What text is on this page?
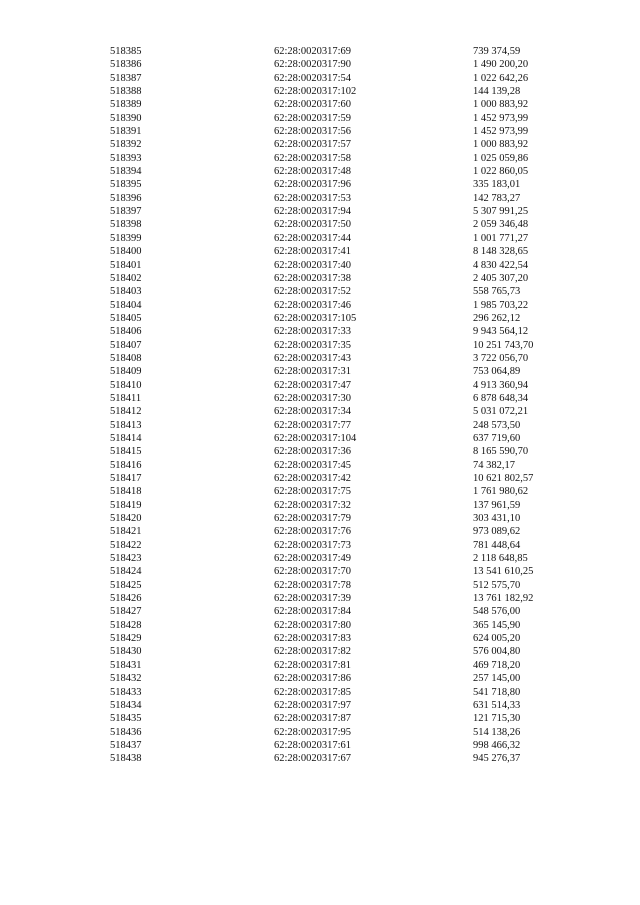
518385	62:28:0020317:69	739 374,59
518386	62:28:0020317:90	1 490 200,20
518387	62:28:0020317:54	1 022 642,26
518388	62:28:0020317:102	144 139,28
518389	62:28:0020317:60	1 000 883,92
518390	62:28:0020317:59	1 452 973,99
518391	62:28:0020317:56	1 452 973,99
518392	62:28:0020317:57	1 000 883,92
518393	62:28:0020317:58	1 025 059,86
518394	62:28:0020317:48	1 022 860,05
518395	62:28:0020317:96	335 183,01
518396	62:28:0020317:53	142 783,27
518397	62:28:0020317:94	5 307 991,25
518398	62:28:0020317:50	2 059 346,48
518399	62:28:0020317:44	1 001 771,27
518400	62:28:0020317:41	8 148 328,65
518401	62:28:0020317:40	4 830 422,54
518402	62:28:0020317:38	2 405 307,20
518403	62:28:0020317:52	558 765,73
518404	62:28:0020317:46	1 985 703,22
518405	62:28:0020317:105	296 262,12
518406	62:28:0020317:33	9 943 564,12
518407	62:28:0020317:35	10 251 743,70
518408	62:28:0020317:43	3 722 056,70
518409	62:28:0020317:31	753 064,89
518410	62:28:0020317:47	4 913 360,94
518411	62:28:0020317:30	6 878 648,34
518412	62:28:0020317:34	5 031 072,21
518413	62:28:0020317:77	248 573,50
518414	62:28:0020317:104	637 719,60
518415	62:28:0020317:36	8 165 590,70
518416	62:28:0020317:45	74 382,17
518417	62:28:0020317:42	10 621 802,57
518418	62:28:0020317:75	1 761 980,62
518419	62:28:0020317:32	137 961,59
518420	62:28:0020317:79	303 431,10
518421	62:28:0020317:76	973 089,62
518422	62:28:0020317:73	781 448,64
518423	62:28:0020317:49	2 118 648,85
518424	62:28:0020317:70	13 541 610,25
518425	62:28:0020317:78	512 575,70
518426	62:28:0020317:39	13 761 182,92
518427	62:28:0020317:84	548 576,00
518428	62:28:0020317:80	365 145,90
518429	62:28:0020317:83	624 005,20
518430	62:28:0020317:82	576 004,80
518431	62:28:0020317:81	469 718,20
518432	62:28:0020317:86	257 145,00
518433	62:28:0020317:85	541 718,80
518434	62:28:0020317:97	631 514,33
518435	62:28:0020317:87	121 715,30
518436	62:28:0020317:95	514 138,26
518437	62:28:0020317:61	998 466,32
518438	62:28:0020317:67	945 276,37
